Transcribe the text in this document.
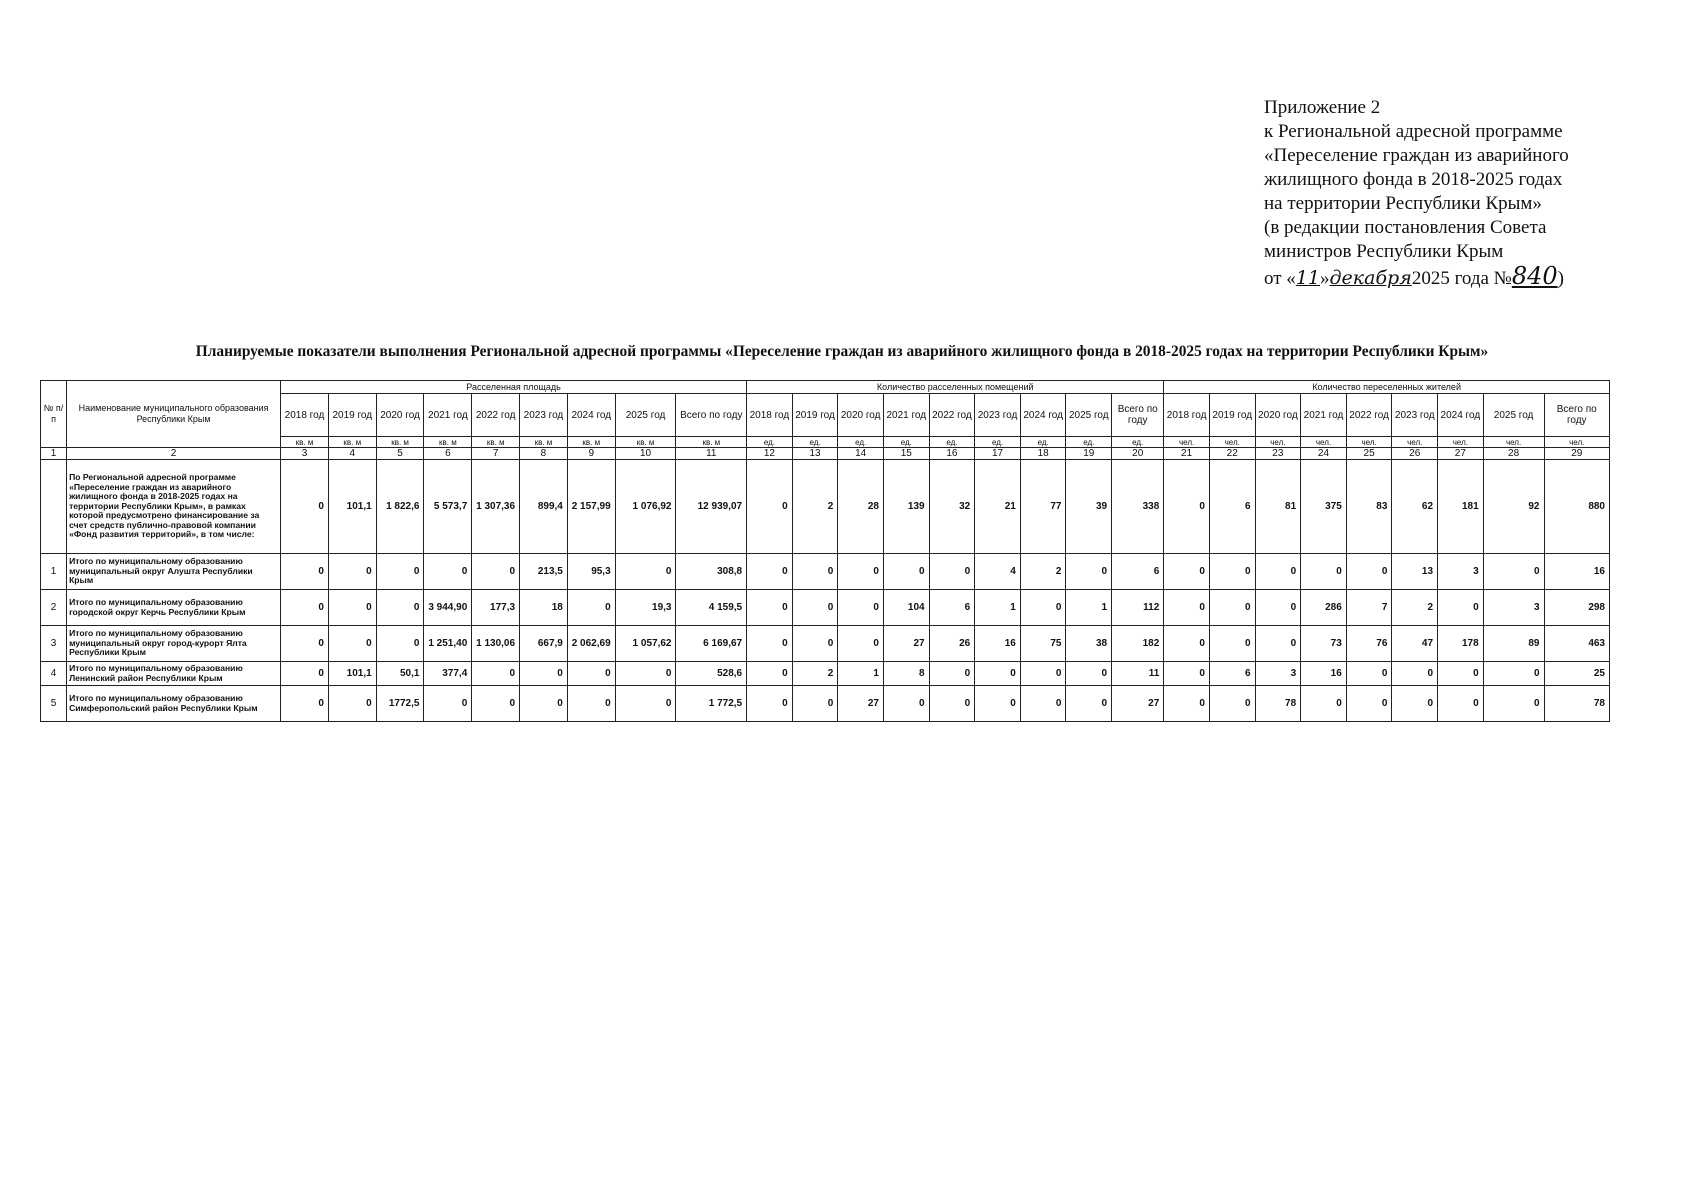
Приложение 2
к Региональной адресной программе
«Переселение граждан из аварийного
жилищного фонда в 2018-2025 годах
на территории Республики Крым»
(в редакции постановления Совета
министров Республики Крым
от «11»декабря2025 года №840)
Планируемые показатели выполнения Региональной адресной программы «Переселение граждан из аварийного жилищного фонда в 2018-2025 годах на территории Республики Крым»
№ п/п	Наименование муниципального образования Республики Крым	Расселенная площадь									Количество расселенных помещений									Количество переселенных жителей								
		2018 год	2019 год	2020 год	2021 год	2022 год	2023 год	2024 год	2025 год	Всего по году	2018 год	2019 год	2020 год	2021 год	2022 год	2023 год	2024 год	2025 год	Всего по году	2018 год	2019 год	2020 год	2021 год	2022 год	2023 год	2024 год	2025 год	Всего по году
		кв. м	кв. м	кв. м	кв. м	кв. м	кв. м	кв. м	кв. м	кв. м	ед.	ед.	ед.	ед.	ед.	ед.	ед.	ед.	ед.	чел.	чел.	чел.	чел.	чел.	чел.	чел.	чел.	чел.
1	2	3	4	5	6	7	8	9	10	11	12	13	14	15	16	17	18	19	20	21	22	23	24	25	26	27	28	29
	По Региональной адресной программе «Переселение граждан из аварийного жилищного фонда в 2018-2025 годах на территории Республики Крым», в рамках которой предусмотрено финансирование за счет средств публично-правовой компании «Фонд развития территорий», в том числе:	0	101,1	1 822,6	5 573,7	1 307,36	899,4	2 157,99	1 076,92	12 939,07	0	2	28	139	32	21	77	39	338	0	6	81	375	83	62	181	92	880
1	Итого по муниципальному образованию муниципальный округ Алушта Республики Крым	0	0	0	0	0	213,5	95,3	0	308,8	0	0	0	0	0	4	2	0	6	0	0	0	0	0	13	3	0	16
2	Итого по муниципальному образованию городской округ Керчь Республики Крым	0	0	0	3 944,90	177,3	18	0	19,3	4 159,5	0	0	0	104	6	1	0	1	112	0	0	0	286	7	2	0	3	298
3	Итого по муниципальному образованию муниципальный округ город-курорт Ялта Республики Крым	0	0	0	1 251,40	1 130,06	667,9	2 062,69	1 057,62	6 169,67	0	0	0	27	26	16	75	38	182	0	0	0	73	76	47	178	89	463
4	Итого по муниципальному образованию Ленинский район Республики Крым	0	101,1	50,1	377,4	0	0	0	0	528,6	0	2	1	8	0	0	0	0	11	0	6	3	16	0	0	0	0	25
5	Итого по муниципальному образованию Симферопольский район Республики Крым	0	0	1772,5	0	0	0	0	0	1 772,5	0	0	27	0	0	0	0	0	27	0	0	78	0	0	0	0	0	78
